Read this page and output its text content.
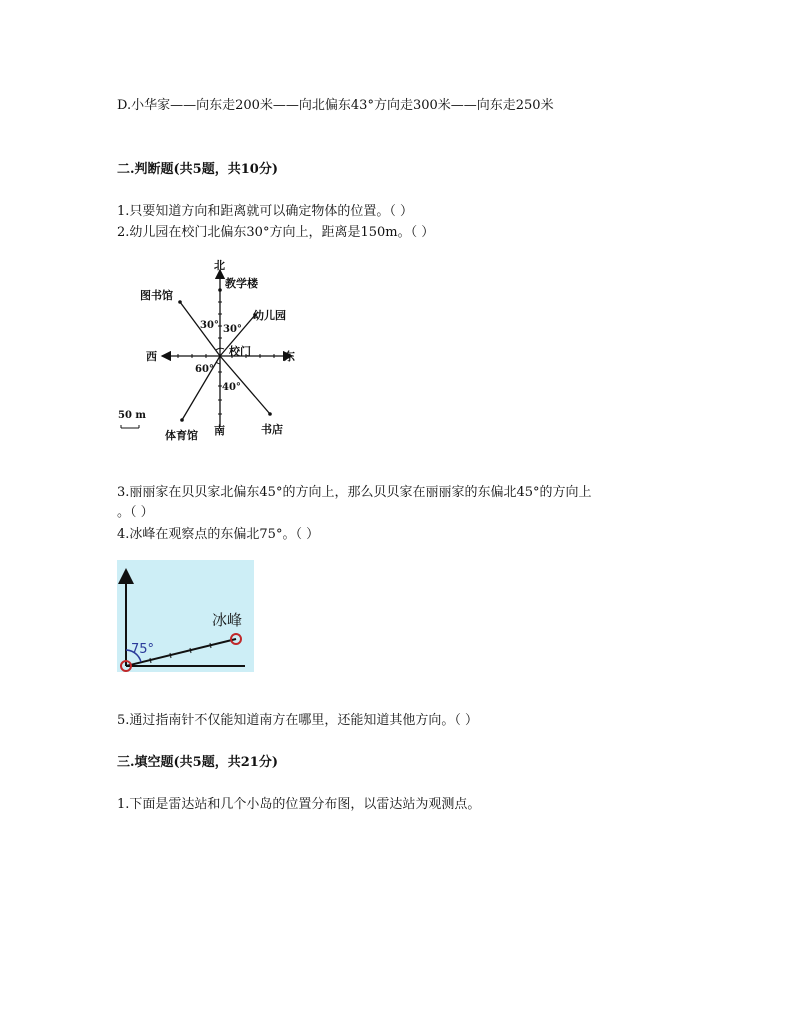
D.小华家——向东走200米——向北偏东43°方向走300米——向东走250米
二.判断题(共5题，共10分)
1.只要知道方向和距离就可以确定物体的位置。（ ）
2.幼儿园在校门北偏东30°方向上，距离是150m。（ ）
北
教学楼
图书馆
30° 30°
幼儿园
西	校门	东
60°
40°
50 m
体育馆 南	书店
3.丽丽家在贝贝家北偏东45°的方向上，那么贝贝家在丽丽家的东偏北45°的方向上
。（ ）
4.冰峰在观察点的东偏北75°。（ ）
冰峰
75°
5.通过指南针不仅能知道南方在哪里，还能知道其他方向。（ ）
三.填空题(共5题，共21分)
1.下面是雷达站和几个小岛的位置分布图，以雷达站为观测点。
